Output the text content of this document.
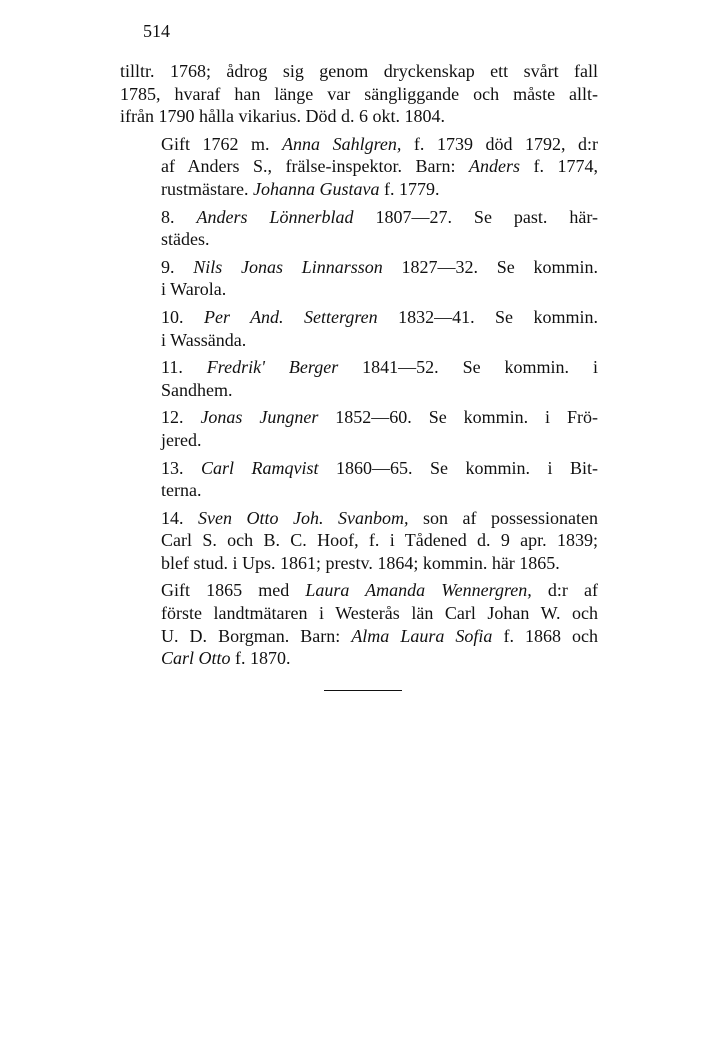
514

tilltr. 1768; ådrog sig genom dryckenskap ett svårt fall
1785, hvaraf han länge var sängliggande och måste allt-
ifrån 1790 hålla vikarius. Död d. 6 okt. 1804.

Gift 1762 m. Anna Sahlgren, f. 1739 död 1792, d:r
af Anders S., frälse-inspektor. Barn: Anders f. 1774,
rustmästare. Johanna Gustava f. 1779.

8. Anders Lönnerblad 1807—27. Se past. här-
städes.

9. Nils Jonas Linnarsson 1827—32. Se kommin.
i Warola.

10. Per And. Settergren 1832—41. Se kommin.
i Wassända.

11. Fredrik' Berger 1841—52. Se kommin. i
Sandhem.

12. Jonas Jungner 1852—60. Se kommin. i Frö-
jered.

13. Carl Ramqvist 1860—65. Se kommin. i Bit-
terna.

14. Sven Otto Joh. Svanbom, son af possessionaten
Carl S. och B. C. Hoof, f. i Tådened d. 9 apr. 1839;
blef stud. i Ups. 1861; prestv. 1864; kommin. här 1865.

Gift 1865 med Laura Amanda Wennergren, d:r af
förste landtmätaren i Westerås län Carl Johan W. och
U. D. Borgman. Barn: Alma Laura Sofia f. 1868 och
Carl Otto f. 1870.
